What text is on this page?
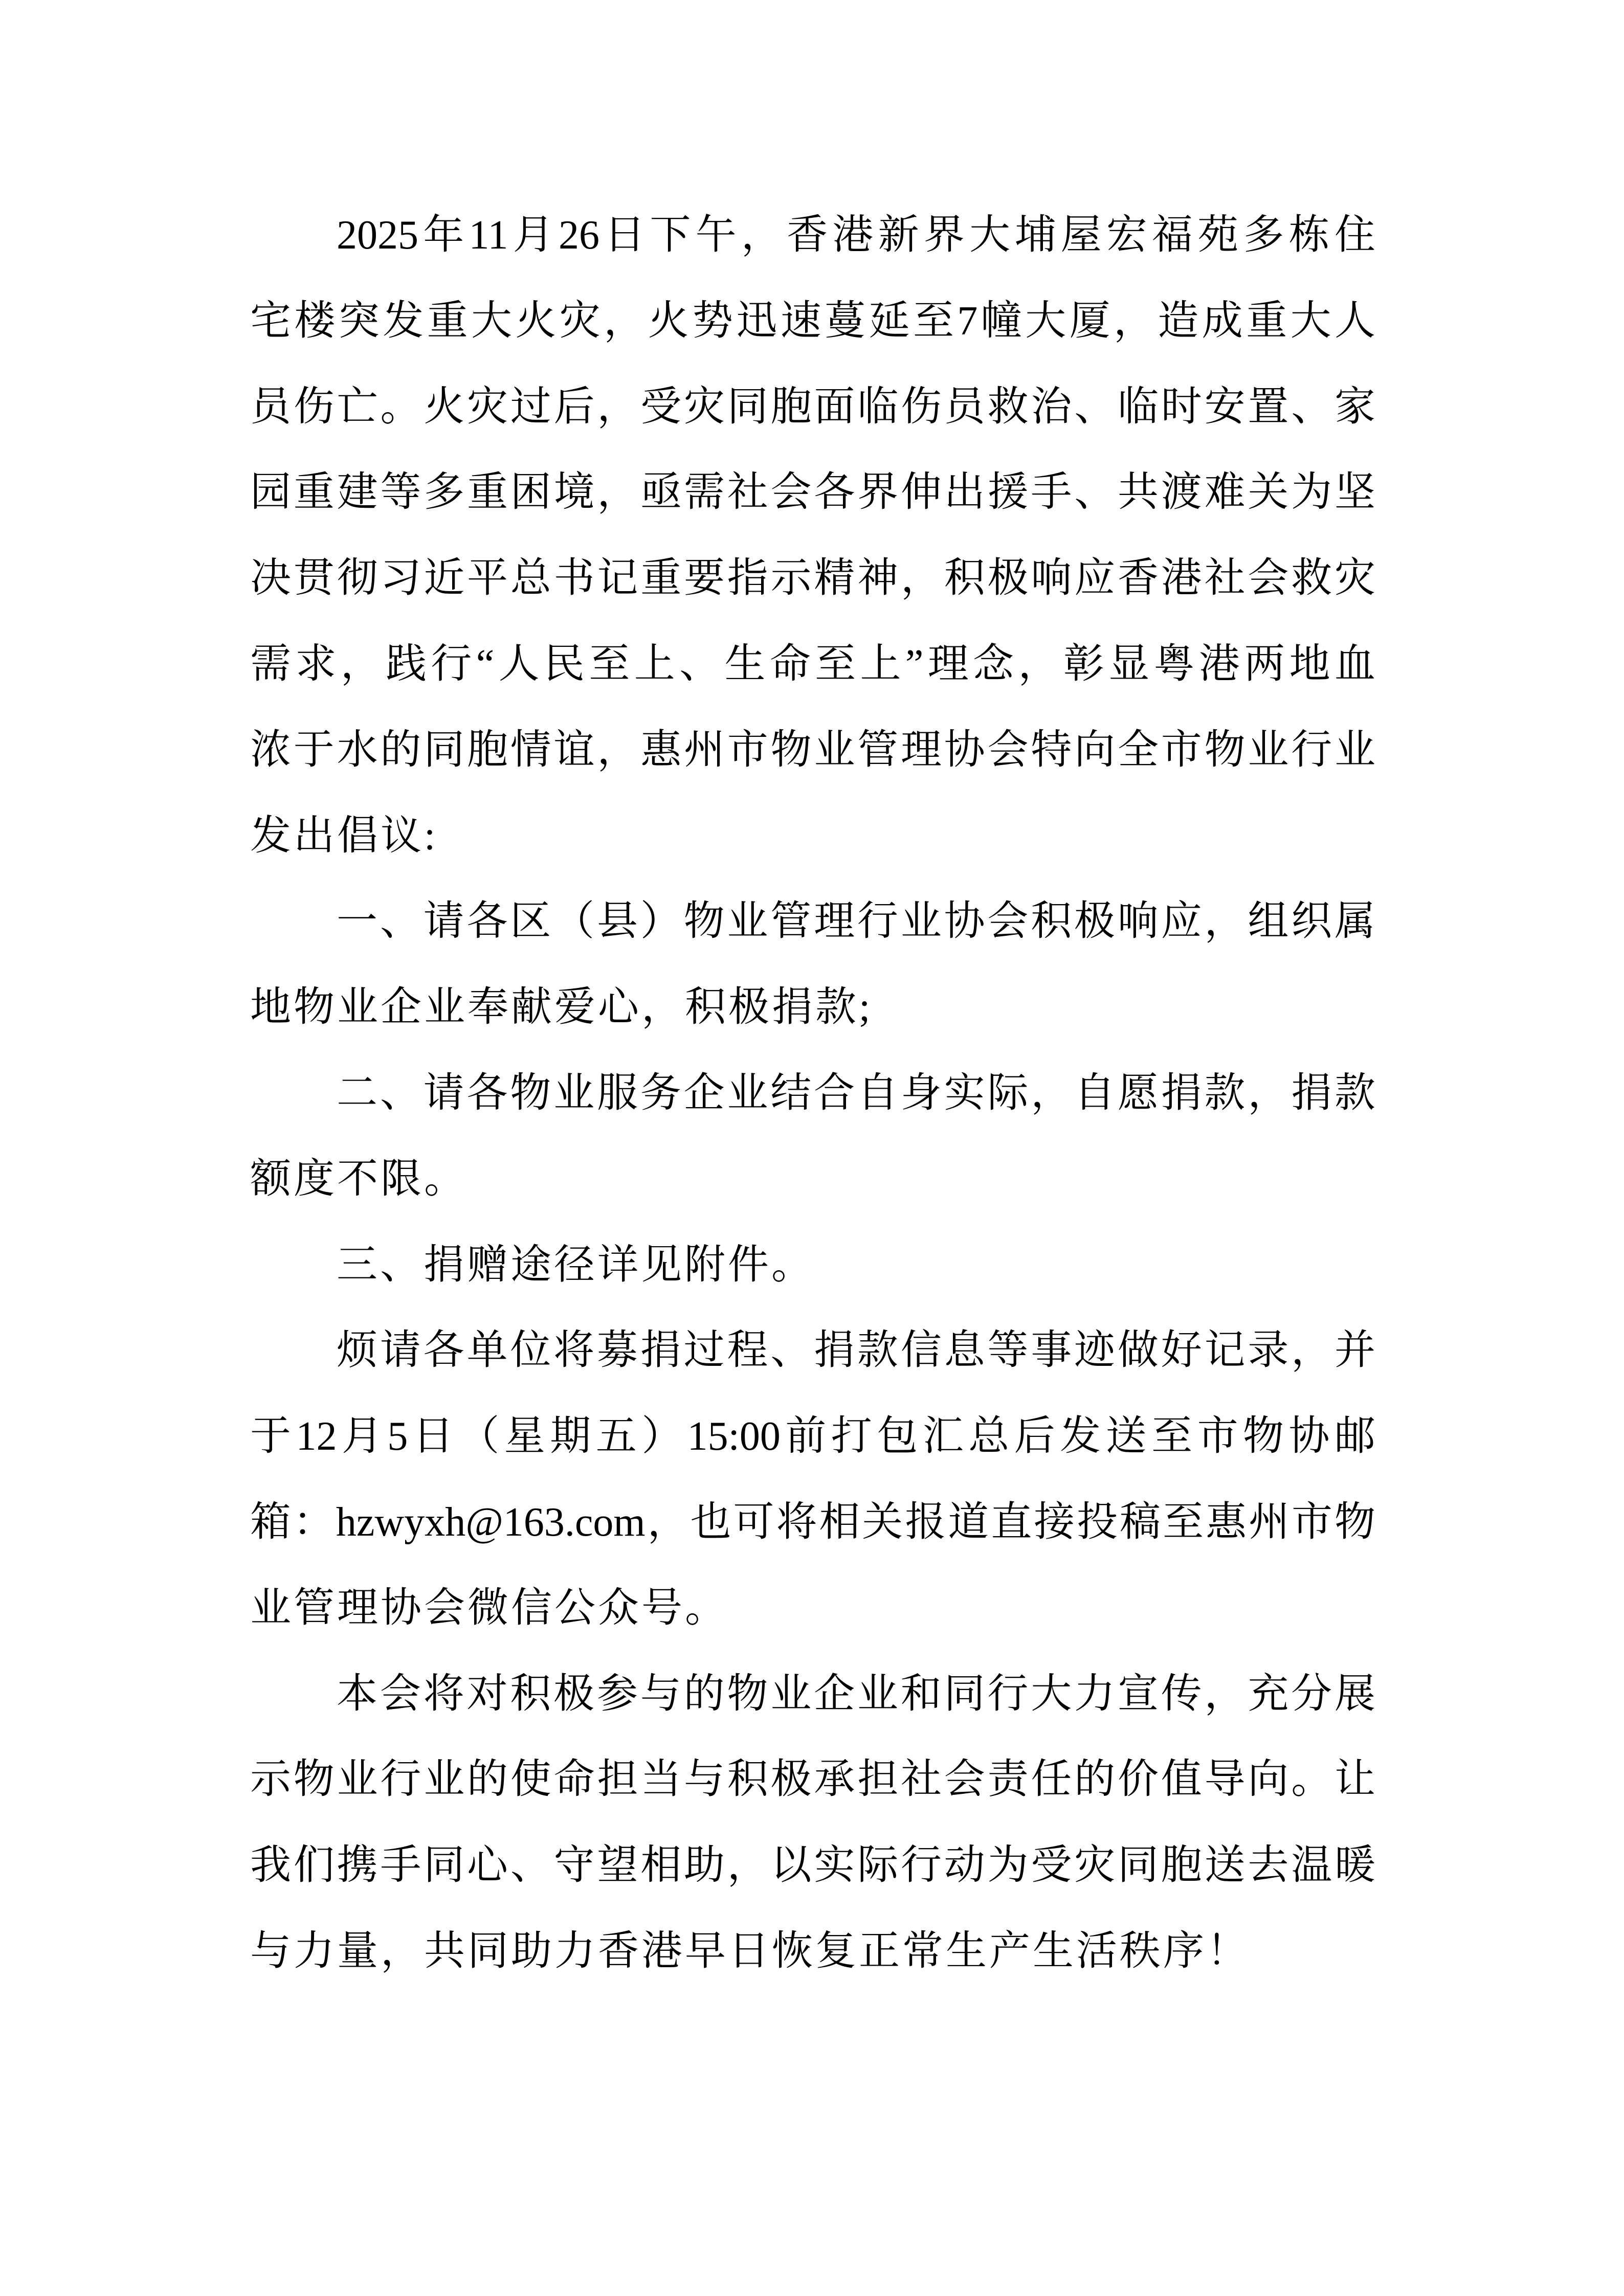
2025年11月26日下午，香港新界大埔屋宏福苑多栋住
宅楼突发重大火灾，火势迅速蔓延至7幢大厦，造成重大人
员伤亡。火灾过后，受灾同胞面临伤员救治、临时安置、家
园重建等多重困境，亟需社会各界伸出援手、共渡难关为坚
决贯彻习近平总书记重要指示精神，积极响应香港社会救灾
需求，践行“人民至上、生命至上”理念，彰显粤港两地血
浓于水的同胞情谊，惠州市物业管理协会特向全市物业行业
发出倡议:
一、请各区（县）物业管理行业协会积极响应，组织属
地物业企业奉献爱心，积极捐款;
二、请各物业服务企业结合自身实际，自愿捐款，捐款
额度不限。
三、捐赠途径详见附件。
烦请各单位将募捐过程、捐款信息等事迹做好记录，并
于12月5日（星期五）15:00前打包汇总后发送至市物协邮
箱：hzwyxh@163.com，也可将相关报道直接投稿至惠州市物
业管理协会微信公众号。
本会将对积极参与的物业企业和同行大力宣传，充分展
示物业行业的使命担当与积极承担社会责任的价值导向。让
我们携手同心、守望相助，以实际行动为受灾同胞送去温暖
与力量，共同助力香港早日恢复正常生产生活秩序！
